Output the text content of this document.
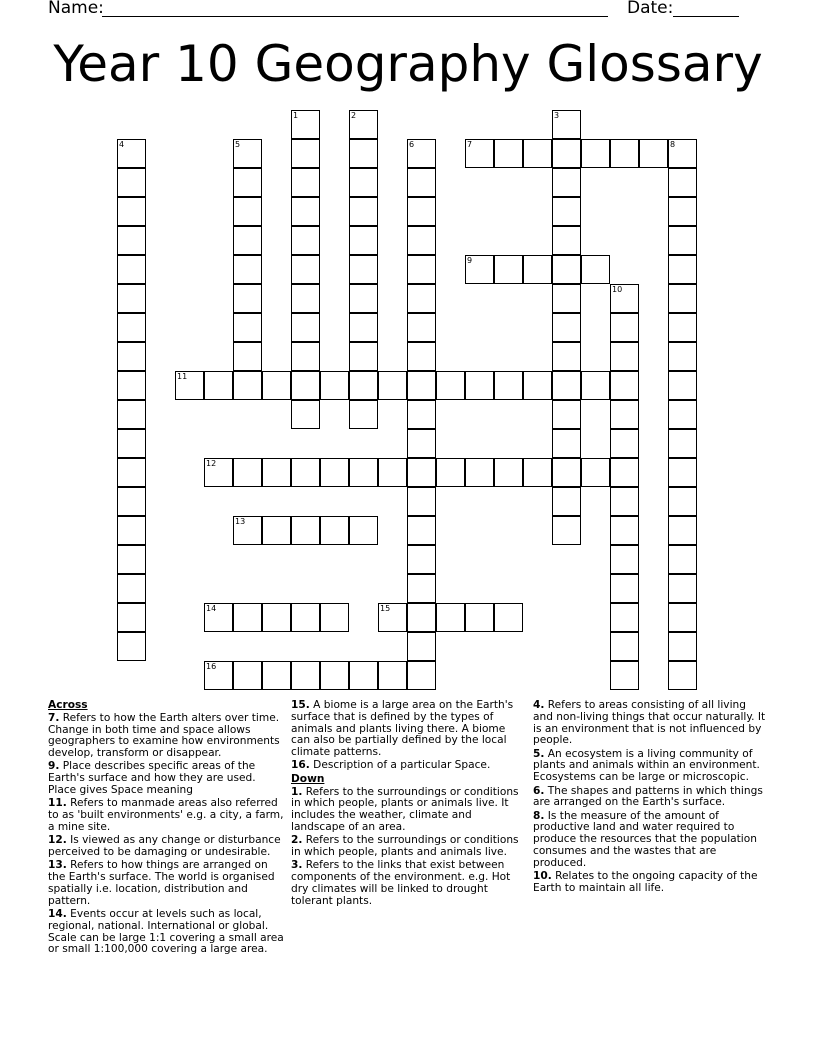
Name:	Date:
Year 10 Geography Glossary
1	2	3
4	5	6	7	8
9
10
11
12
13
14	15
16
Across
7. Refers to how the Earth alters over time. Change in both time and space allows geographers to examine how environments develop, transform or disappear.
9. Place describes specific areas of the Earth's surface and how they are used. Place gives Space meaning
11. Refers to manmade areas also referred to as 'built environments' e.g. a city, a farm, a mine site.
12. Is viewed as any change or disturbance perceived to be damaging or undesirable.
13. Refers to how things are arranged on the Earth's surface. The world is organised spatially i.e. location, distribution and pattern.
14. Events occur at levels such as local, regional, national. International or global. Scale can be large 1:1 covering a small area or small 1:100,000 covering a large area.
15. A biome is a large area on the Earth's surface that is defined by the types of animals and plants living there. A biome can also be partially defined by the local climate patterns.
16. Description of a particular Space.
Down
1. Refers to the surroundings or conditions in which people, plants or animals live. It includes the weather, climate and landscape of an area.
2. Refers to the surroundings or conditions in which people, plants and animals live.
3. Refers to the links that exist between components of the environment. e.g. Hot dry climates will be linked to drought tolerant plants.
4. Refers to areas consisting of all living and non-living things that occur naturally. It is an environment that is not influenced by people.
5. An ecosystem is a living community of plants and animals within an environment. Ecosystems can be large or microscopic.
6. The shapes and patterns in which things are arranged on the Earth's surface.
8. Is the measure of the amount of productive land and water required to produce the resources that the population consumes and the wastes that are produced.
10. Relates to the ongoing capacity of the Earth to maintain all life.
